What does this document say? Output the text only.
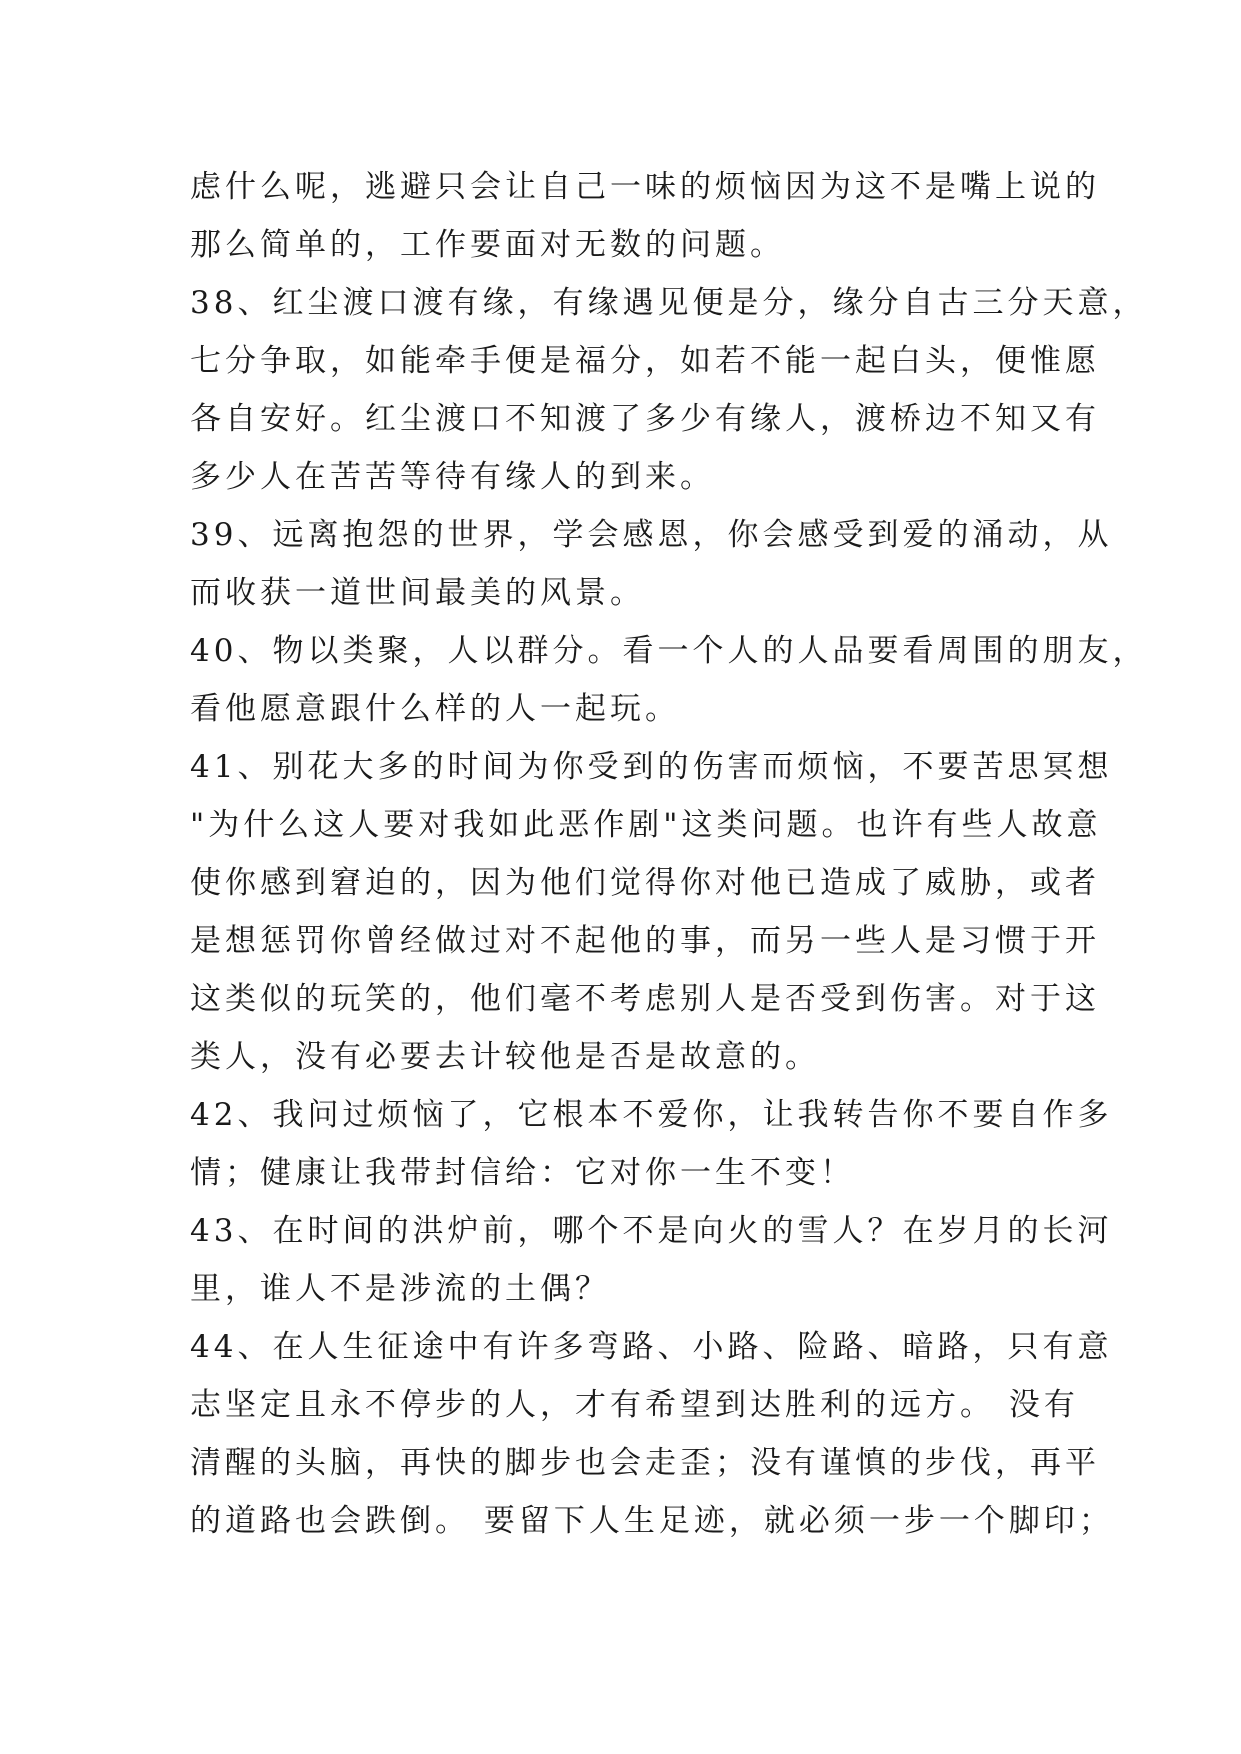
虑什么呢，逃避只会让自己一味的烦恼因为这不是嘴上说的
那么简单的，工作要面对无数的问题。
38、红尘渡口渡有缘，有缘遇见便是分，缘分自古三分天意，
七分争取，如能牵手便是福分，如若不能一起白头，便惟愿
各自安好。红尘渡口不知渡了多少有缘人，渡桥边不知又有
多少人在苦苦等待有缘人的到来。
39、远离抱怨的世界，学会感恩，你会感受到爱的涌动，从
而收获一道世间最美的风景。
40、物以类聚，人以群分。看一个人的人品要看周围的朋友，
看他愿意跟什么样的人一起玩。
41、别花大多的时间为你受到的伤害而烦恼，不要苦思冥想
"为什么这人要对我如此恶作剧"这类问题。也许有些人故意
使你感到窘迫的，因为他们觉得你对他已造成了威胁，或者
是想惩罚你曾经做过对不起他的事，而另一些人是习惯于开
这类似的玩笑的，他们毫不考虑别人是否受到伤害。对于这
类人，没有必要去计较他是否是故意的。
42、我问过烦恼了，它根本不爱你，让我转告你不要自作多
情；健康让我带封信给：它对你一生不变！
43、在时间的洪炉前，哪个不是向火的雪人？在岁月的长河
里，谁人不是涉流的土偶？
44、在人生征途中有许多弯路、小路、险路、暗路，只有意
志坚定且永不停步的人，才有希望到达胜利的远方。 没有
清醒的头脑，再快的脚步也会走歪；没有谨慎的步伐，再平
的道路也会跌倒。 要留下人生足迹，就必须一步一个脚印；
